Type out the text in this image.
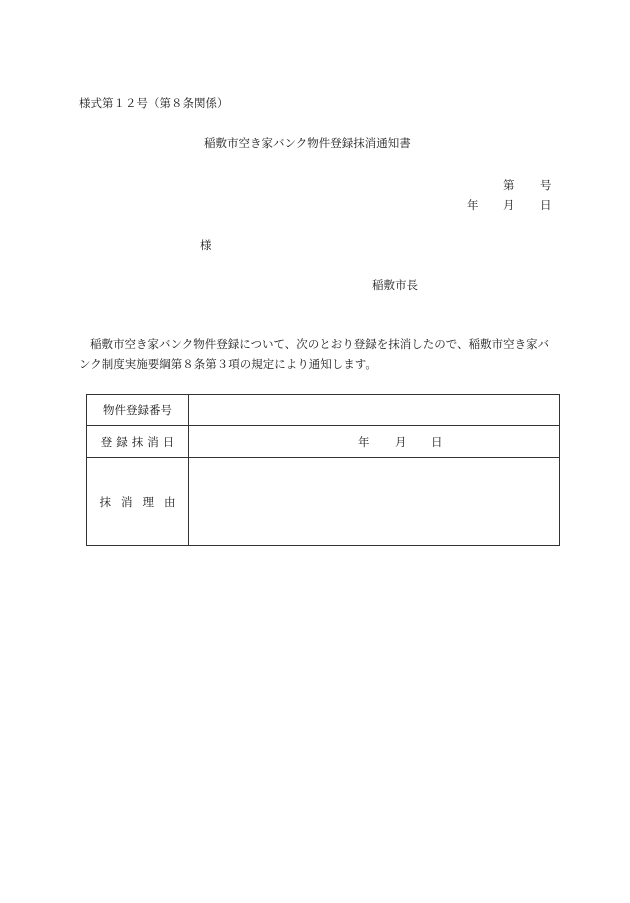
様式第１２号（第８条関係）
稲敷市空き家バンク物件登録抹消通知書
第 号
年 月 日
様
稲敷市長
稲敷市空き家バンク物件登録について、次のとおり登録を抹消したので、稲敷市空き家バンク制度実施要綱第８条第３項の規定により通知します。
物件登録番号	
登録抹消日	年 月 日

抹消理由	
